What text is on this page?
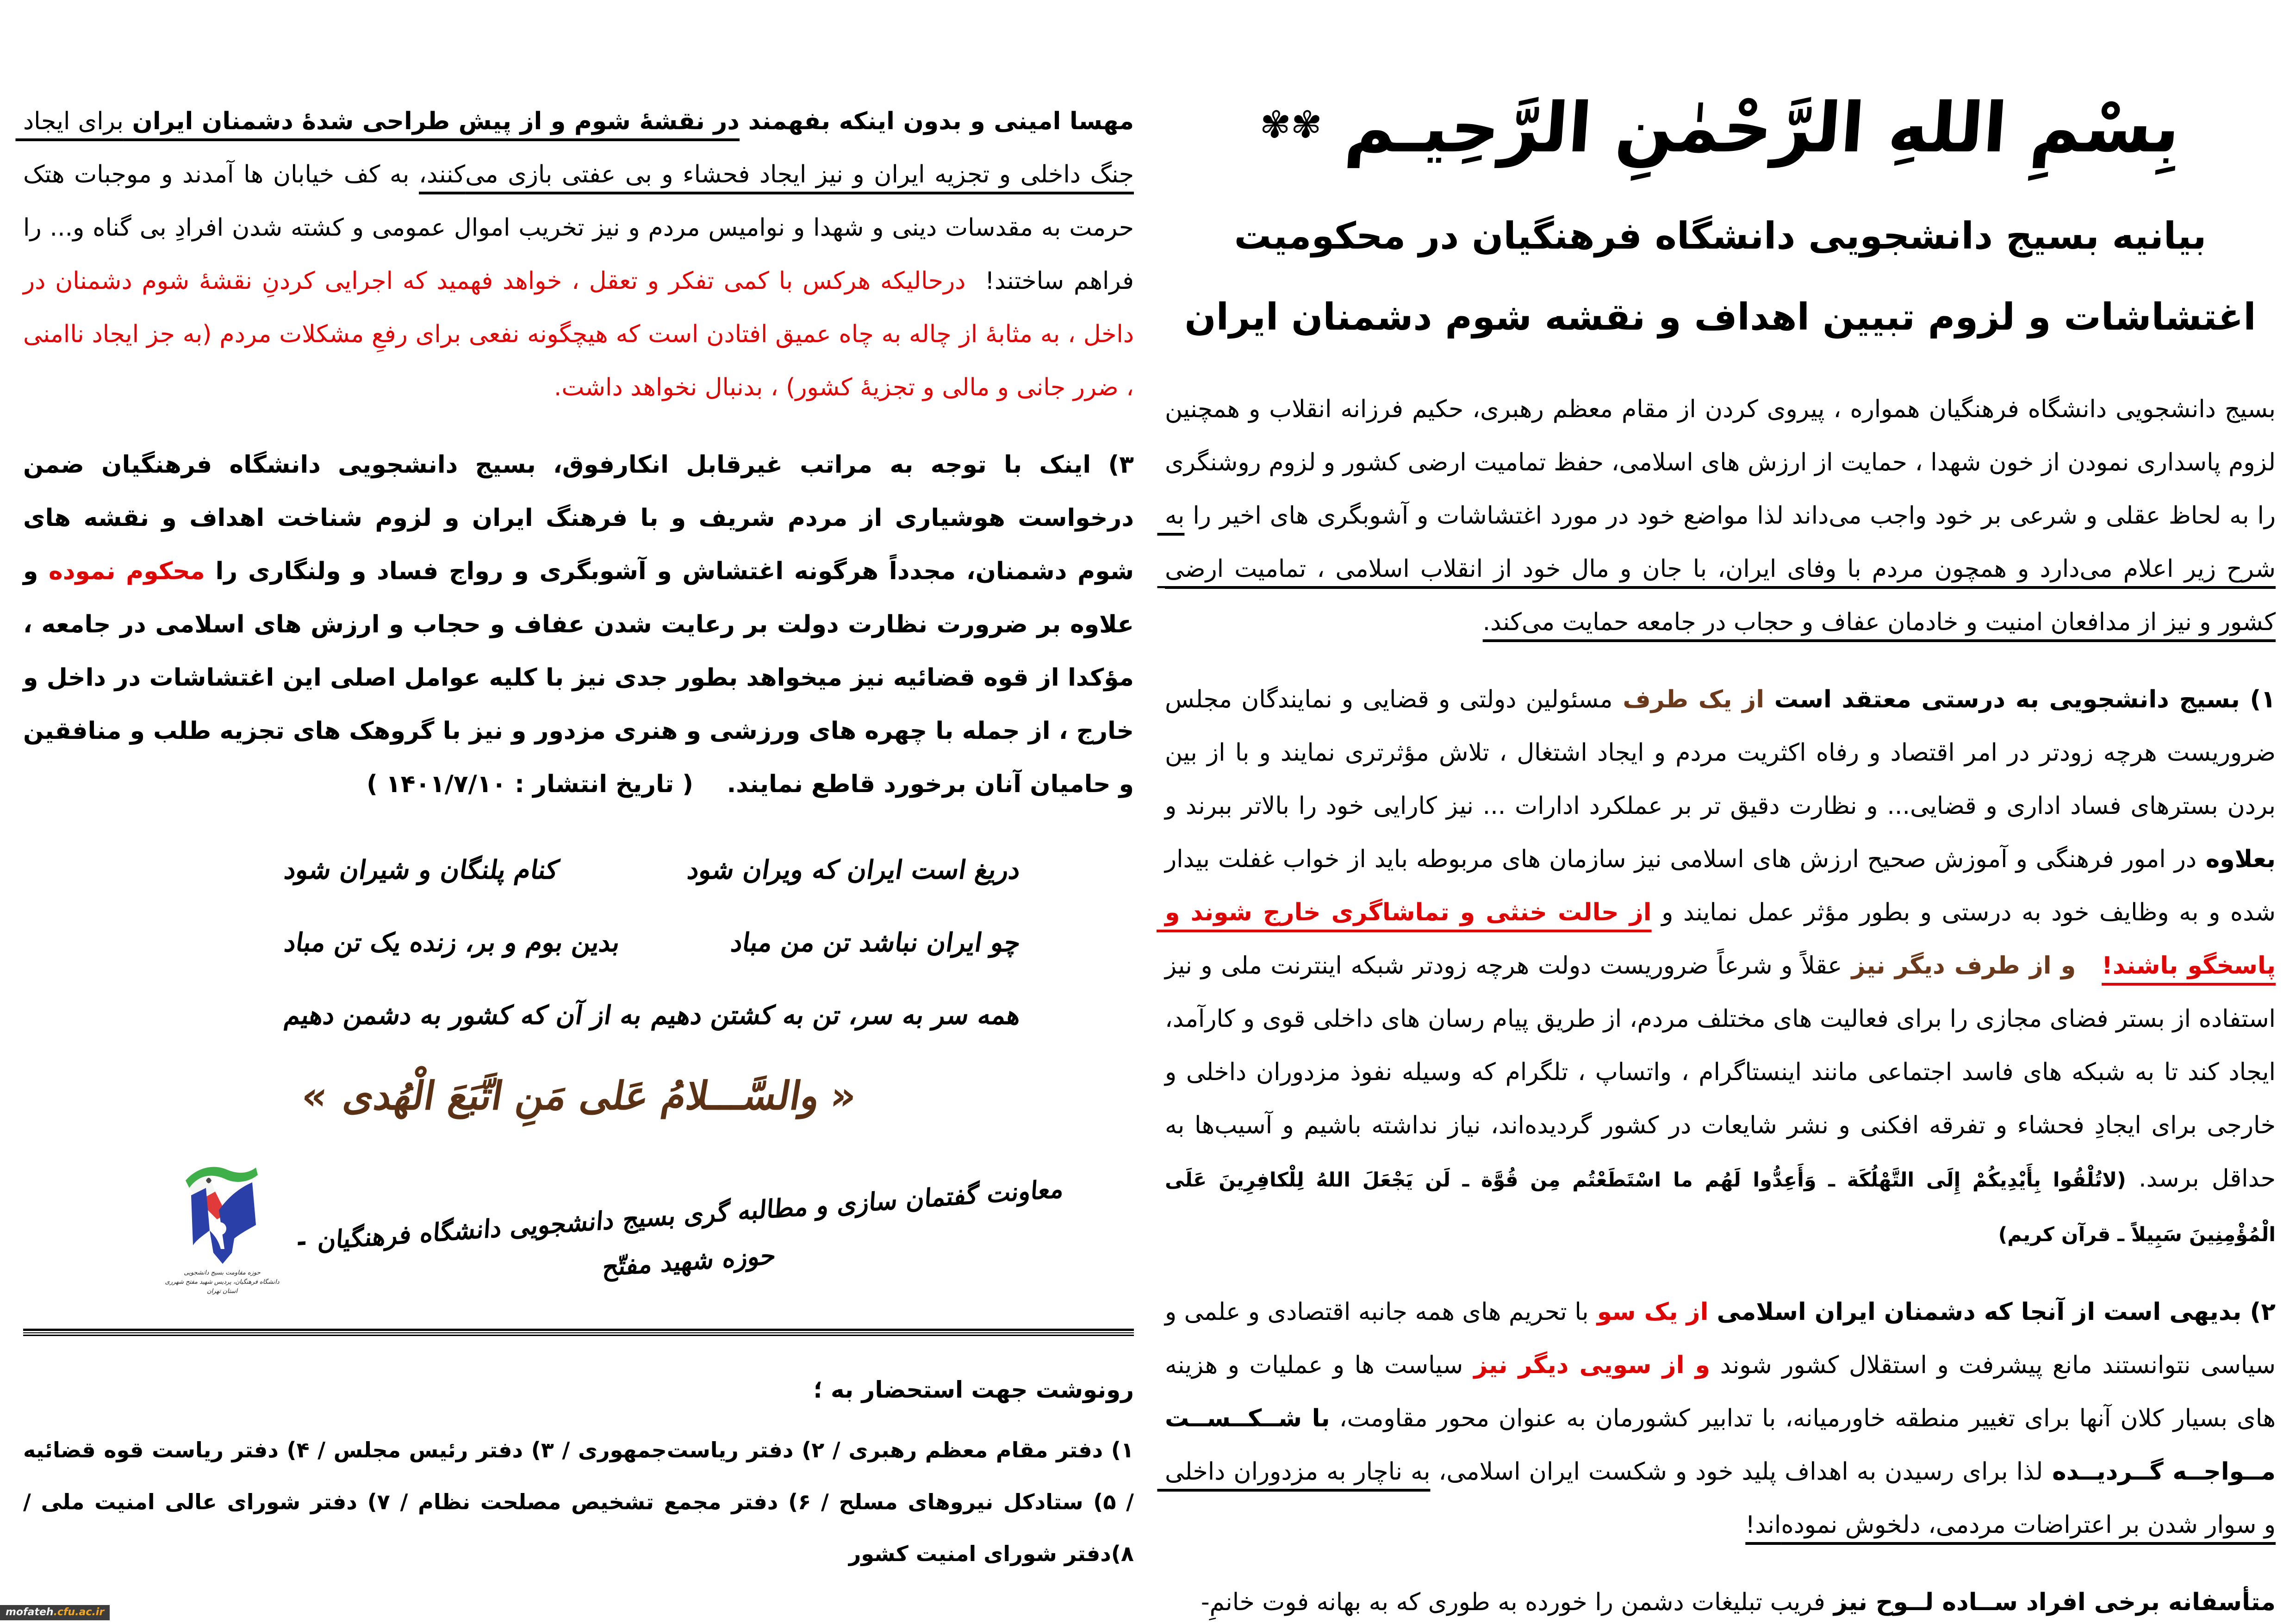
بِسْمِ اللهِ الرَّحْمٰنِ الرَّحِیـم ✾✾
بیانیه بسیج دانشجویی دانشگاه فرهنگیان در محکومیت اغتشاشات و لزوم تبیین اهداف و نقشه شوم دشمنان ایران

بسیج دانشجویی دانشگاه فرهنگیان همواره ، پیروی کردن از مقام معظم رهبری، حکیم فرزانه انقلاب و همچنین لزوم پاسداری نمودن از خون شهدا ، حمایت از ارزش های اسلامی، حفظ تمامیت ارضی کشور و لزوم روشنگری را به لحاظ عقلی و شرعی بر خود واجب می‌داند لذا مواضع خود در مورد اغتشاشات و آشوبگری های اخیر را به شرح زیر اعلام می‌دارد و همچون مردم با وفای ایران، با جان و مال خود از انقلاب اسلامی ، تمامیت ارضی کشور و نیز از مدافعان امنیت و خادمان عفاف و حجاب در جامعه حمایت می‌کند.

۱) بسیج دانشجویی به درستی معتقد است از یک طرف مسئولین دولتی و قضایی و نمایندگان مجلس ضروریست هرچه زودتر در امر اقتصاد و رفاه اکثریت مردم و ایجاد اشتغال ، تلاش مؤثرتری نمایند و با از بین بردن بسترهای فساد اداری و قضایی... و نظارت دقیق تر بر عملکرد ادارات ... نیز کارایی خود را بالاتر ببرند و بعلاوه در امور فرهنگی و آموزش صحیح ارزش های اسلامی نیز سازمان های مربوطه باید از خواب غفلت بیدار شده و به وظایف خود به درستی و بطور مؤثر عمل نمایند و از حالت خنثی و تماشاگری خارج شوند و پاسخگو باشند!   و از طرف دیگر نیز عقلاً و شرعاً ضروریست دولت هرچه زودتر شبکه اینترنت ملی و نیز استفاده از بستر فضای مجازی را برای فعالیت های مختلف مردم، از طریق پیام رسان های داخلی قوی و کارآمد، ایجاد کند تا به شبکه های فاسد اجتماعی مانند اینستاگرام ، واتساپ ، تلگرام که وسیله نفوذ مزدوران داخلی و خارجی برای ایجادِ فحشاء و تفرقه افکنی و نشر شایعات در کشور گردیده‌اند، نیاز نداشته باشیم و آسیب‌ها به حداقل برسد. (لاتُلْقُوا بِأَیْدِیکُمْ إِلَی التَّهْلُکَة ـ وَأَعِدُّوا لَهُم ما اسْتَطَعْتُم مِن قُوَّة ـ لَن یَجْعَلَ اللهُ لِلْکافِرِینَ عَلَی الْمُؤْمِنِینَ سَبِیلاً ـ قرآن کریم)

۲) بدیهی است از آنجا که دشمنان ایران اسلامی از یک سو با تحریم های همه جانبه اقتصادی و علمی و سیاسی نتوانستند مانع پیشرفت و استقلال کشور شوند و از سویی دیگر نیز سیاست ها و عملیات و هزینه های بسیار کلان آنها برای تغییر منطقه خاورمیانه، با تدابیر کشورمان به عنوان محور مقاومت، با شــکــســت مــواجــه گــردیــده لذا برای رسیدن به اهداف پلید خود و شکست ایران اسلامی، به ناچار به مزدوران داخلی و سوار شدن بر اعتراضات مردمی، دلخوش نموده‌اند!

متأسفانه برخی افراد ســاده لــوح نیز فریب تبلیغات دشمن را خورده به طوری که به بهانه فوت خانمِ-

مهسا امینی و بدون اینکه بفهمند در نقشهٔ شوم و از پیش طراحی شدهٔ دشمنان ایران برای ایجاد جنگ داخلی و تجزیه ایران و نیز ایجاد فحشاء و بی عفتی بازی می‌کنند، به کف خیابان ها آمدند و موجبات هتک حرمت به مقدسات دینی و شهدا و نوامیس مردم و نیز تخریب اموال عمومی و کشته شدن افرادِ بی گناه و... را فراهم ساختند!  درحالیکه هرکس با کمی تفکر و تعقل ، خواهد فهمید که اجرایی کردنِ نقشهٔ شوم دشمنان در داخل ، به مثابهٔ از چاله به چاه عمیق افتادن است که هیچگونه نفعی برای رفعِ مشکلات مردم (به جز ایجاد ناامنی ، ضرر جانی و مالی و تجزیهٔ کشور) ، بدنبال نخواهد داشت.

۳) اینک با توجه به مراتب غیرقابل انکارفوق، بسیج دانشجویی دانشگاه فرهنگیان ضمن درخواست هوشیاری از مردم شریف و با فرهنگ ایران و لزوم شناخت اهداف و نقشه های شوم دشمنان، مجدداً هرگونه اغتشاش و آشوبگری و رواج فساد و ولنگاری را محکوم نموده و علاوه بر ضرورت نظارت دولت بر رعایت شدن عفاف و حجاب و ارزش های اسلامی در جامعه ، مؤکدا از قوه قضائیه نیز میخواهد بطور جدی نیز با کلیه عوامل اصلی این اغتشاشات در داخل و خارج ، از جمله با چهره های ورزشی و هنری مزدور و نیز با گروهک های تجزیه طلب و منافقین و حامیان آنان برخورد قاطع نمایند.    ( تاریخ انتشار : ۱۴۰۱/۷/۱۰ )

دریغ است ایران که ویران شود
کنام پلنگان و شیران شود
چو ایران نباشد تن من مباد
بدین بوم و بر، زنده یک تن مباد
همه سر به سر، تن به کشتن دهیم
به از آن که کشور به دشمن دهیم
« والسَّـــلامُ عَلی مَنِ اتَّبَعَ الْهُدی »
معاونت گفتمان سازی و مطالبه گری بسیج دانشجویی دانشگاه فرهنگیان - حوزه شهید مفتّح
حوزه مقاومت بسیج دانشجویی
دانشگاه فرهنگیان، پردیس شهید مفتح شهرری استان تهران

رونوشت جهت استحضار به ؛

۱) دفتر مقام معظم رهبری / ۲) دفتر ریاست‌جمهوری / ۳) دفتر رئیس مجلس / ۴) دفتر ریاست قوه قضائیه / ۵) ستادکل نیروهای مسلح / ۶) دفتر مجمع تشخیص مصلحت نظام / ۷) دفتر شورای عالی امنیت ملی / ۸)دفتر شورای امنیت کشور

mofateh.cfu.ac.ir
